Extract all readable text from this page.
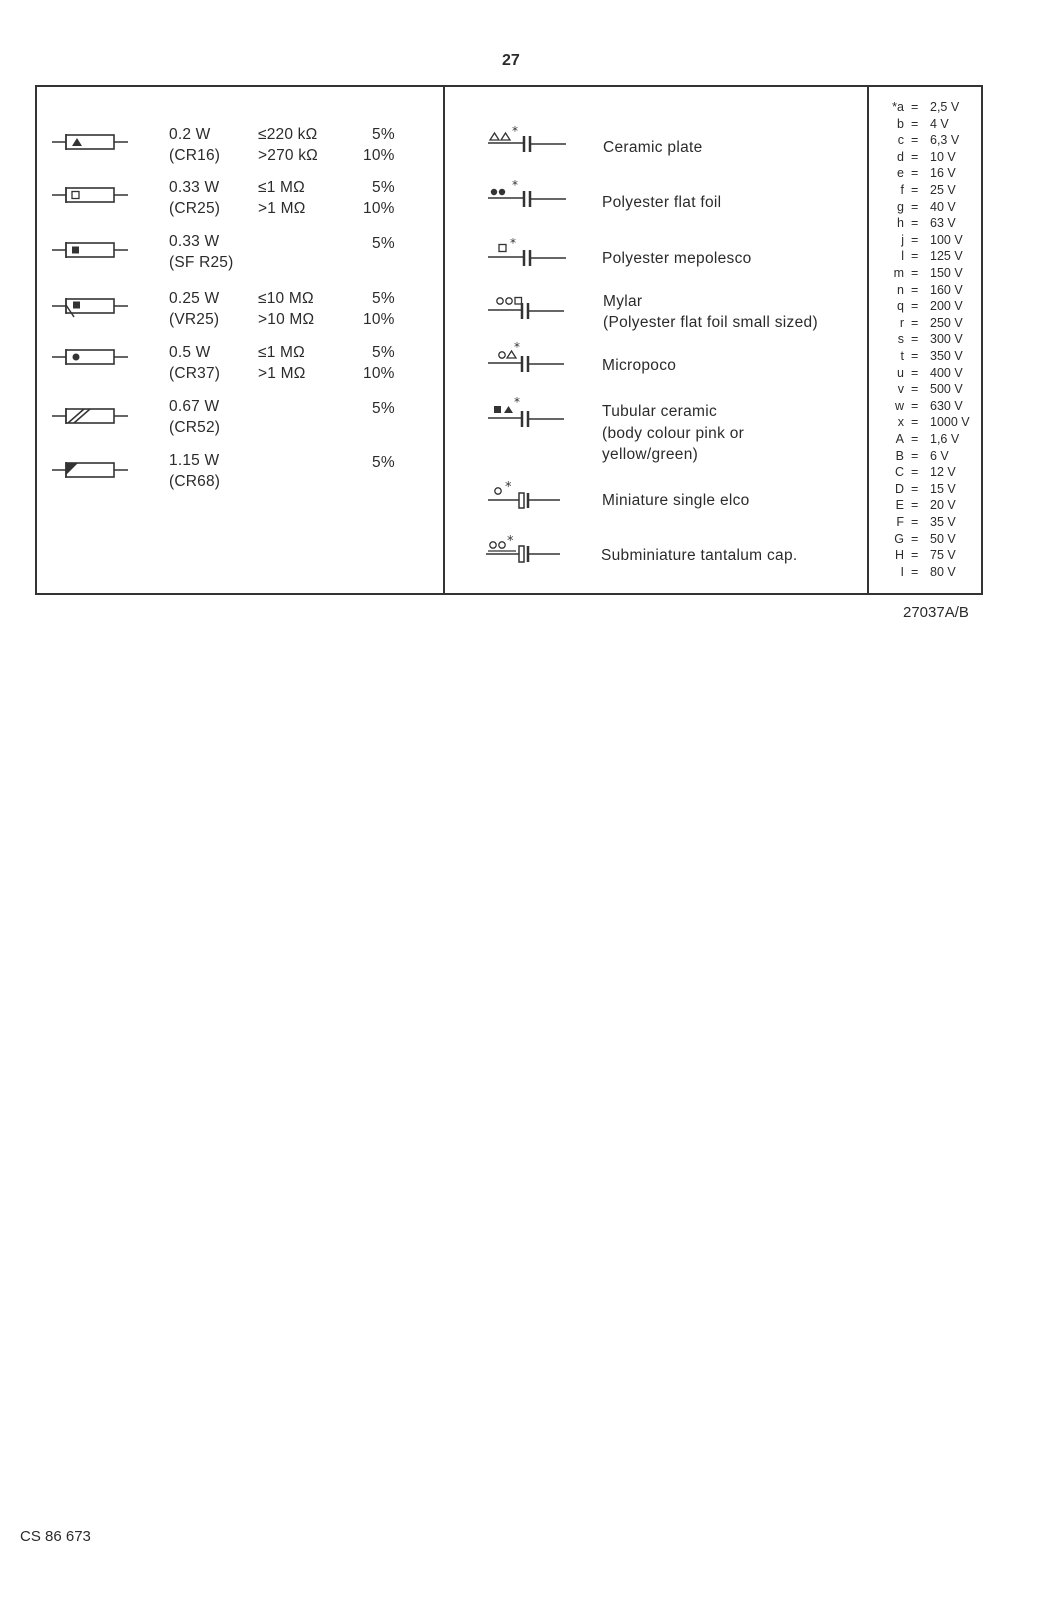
27
0.2 W
(CR16)
≤220 kΩ
>270 kΩ
5%
10%
0.33 W
(CR25)
≤1 MΩ
>1 MΩ
5%
10%
0.33 W
(SF R25)
5%
0.25 W
(VR25)
≤10 MΩ
>10 MΩ
5%
10%
0.5 W
(CR37)
≤1 MΩ
>1 MΩ
5%
10%
0.67 W
(CR52)
5%
1.15 W
(CR68)
5%
*
Ceramic plate
*
Polyester flat foil
*
Polyester mepolesco
Mylar
(Polyester flat foil small sized)
*
Micropoco
*
Tubular ceramic
(body colour pink or
yellow/green)
*
Miniature single elco
*
Subminiature tantalum cap.
*a = 2,5 V
b = 4 V
c = 6,3 V
d = 10 V
e = 16 V
f = 25 V
g = 40 V
h = 63 V
j = 100 V
l = 125 V
m = 150 V
n = 160 V
q = 200 V
r = 250 V
s = 300 V
t = 350 V
u = 400 V
v = 500 V
w = 630 V
x = 1000 V
A = 1,6 V
B = 6 V
C = 12 V
D = 15 V
E = 20 V
F = 35 V
G = 50 V
H = 75 V
I = 80 V
27037A/B
CS 86 673
